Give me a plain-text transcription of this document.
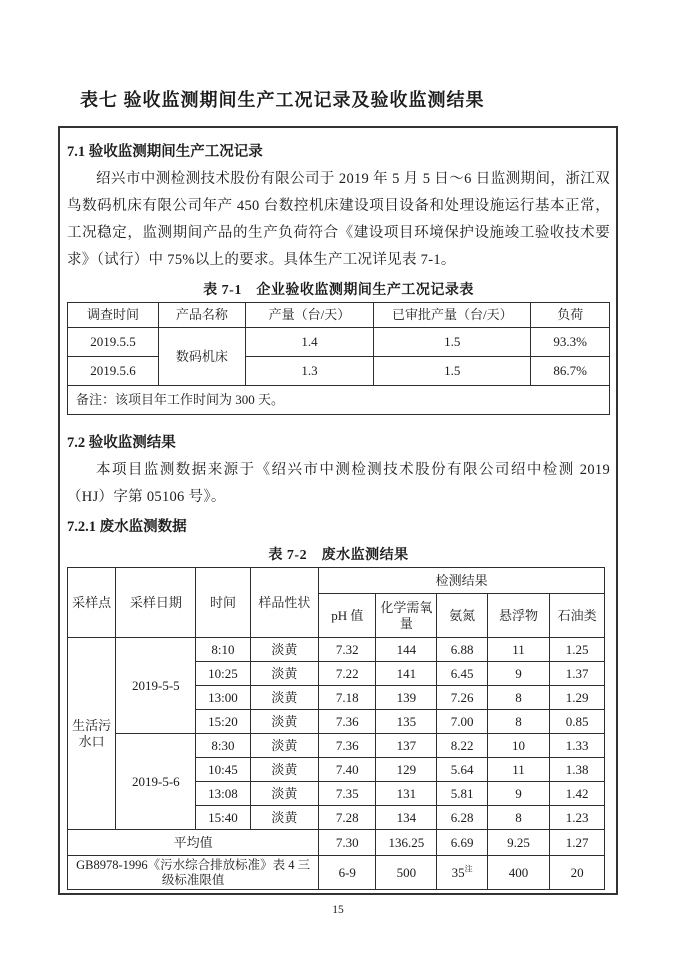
表七 验收监测期间生产工况记录及验收监测结果
7.1 验收监测期间生产工况记录

绍兴市中测检测技术股份有限公司于 2019 年 5 月 5 日～6 日监测期间，浙江双鸟数码机床有限公司年产 450 台数控机床建设项目设备和处理设施运行基本正常，工况稳定，监测期间产品的生产负荷符合《建设项目环境保护设施竣工验收技术要求》（试行）中 75%以上的要求。具体生产工况详见表 7-1。

表 7-1　企业验收监测期间生产工况记录表
调查时间	产品名称	产量（台/天）	已审批产量（台/天）	负荷
2019.5.5	数码机床	1.4	1.5	93.3%
2019.5.6		1.3	1.5	86.7%
备注：该项目年工作时间为 300 天。				
7.2 验收监测结果

本项目监测数据来源于《绍兴市中测检测技术股份有限公司绍中检测 2019（HJ）字第 05106 号》。

7.2.1 废水监测数据
表 7-2　废水监测结果
采样点	采样日期	时间	样品性状	检测结果				
				pH 值	化学需氧量	氨氮	悬浮物	石油类
生活污水口	2019-5-5	8:10	淡黄	7.32	144	6.88	11	1.25
		10:25	淡黄	7.22	141	6.45	9	1.37
		13:00	淡黄	7.18	139	7.26	8	1.29
		15:20	淡黄	7.36	135	7.00	8	0.85
	2019-5-6	8:30	淡黄	7.36	137	8.22	10	1.33
		10:45	淡黄	7.40	129	5.64	11	1.38
		13:08	淡黄	7.35	131	5.81	9	1.42
		15:40	淡黄	7.28	134	6.28	8	1.23
平均值				7.30	136.25	6.69	9.25	1.27
GB8978-1996《污水综合排放标准》表 4 三级标准限值				6-9	500	35$^注$	400	20
15
